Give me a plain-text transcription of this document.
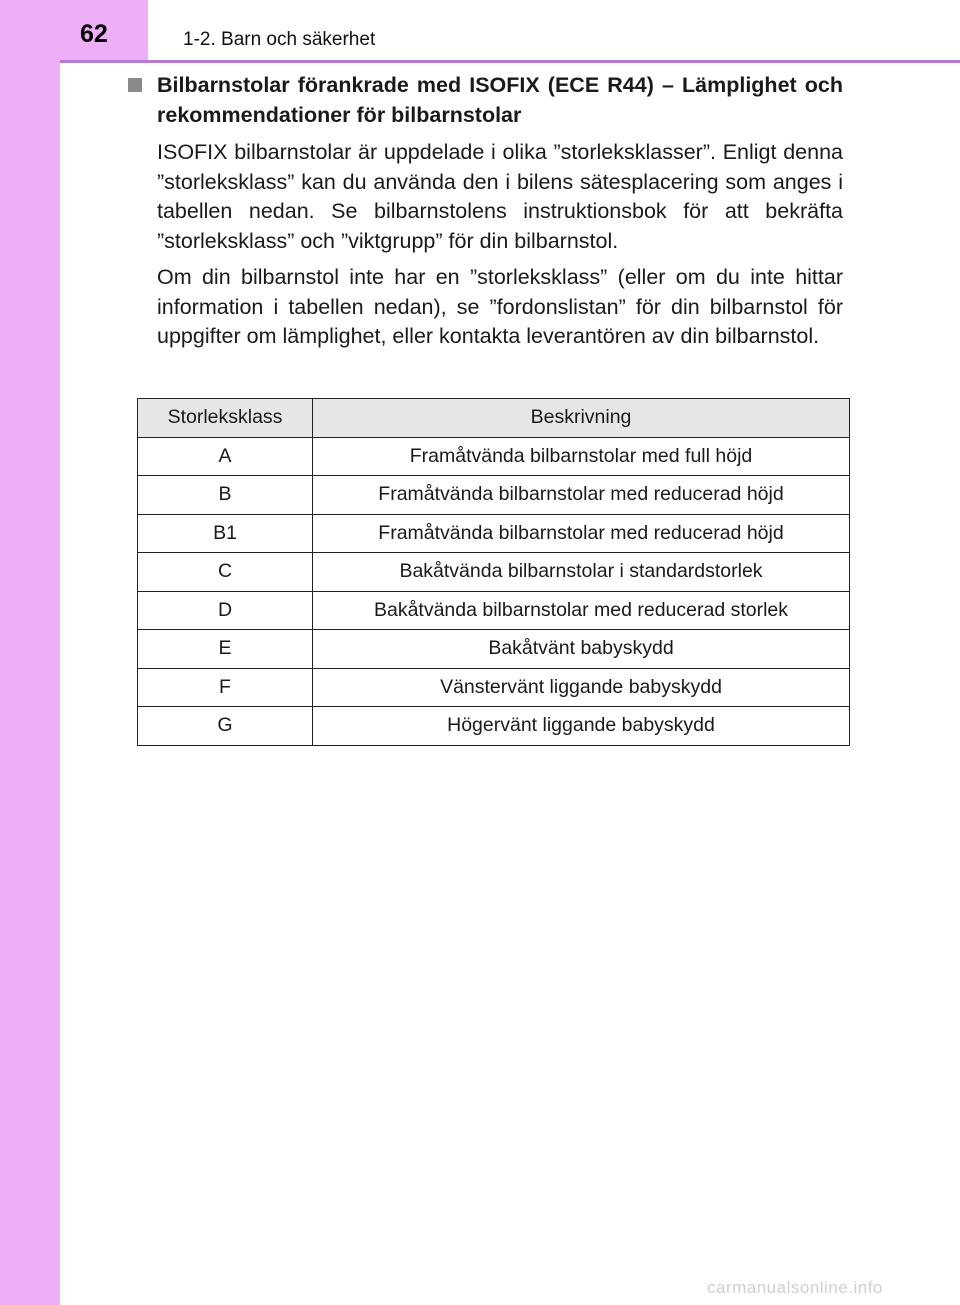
62	1-2. Barn och säkerhet
Bilbarnstolar förankrade med ISOFIX (ECE R44) – Lämplighet och rekommendationer för bilbarnstolar

ISOFIX bilbarnstolar är uppdelade i olika ”storleksklasser”. Enligt denna ”storleksklass” kan du använda den i bilens sätesplacering som anges i tabellen nedan. Se bilbarnstolens instruktionsbok för att bekräfta ”storleksklass” och ”viktgrupp” för din bilbarnstol.

Om din bilbarnstol inte har en ”storleksklass” (eller om du inte hittar information i tabellen nedan), se ”fordonslistan” för din bilbarnstol för uppgifter om lämplighet, eller kontakta leverantören av din bilbarnstol.

Storleksklass	Beskrivning
A	Framåtvända bilbarnstolar med full höjd
B	Framåtvända bilbarnstolar med reducerad höjd
B1	Framåtvända bilbarnstolar med reducerad höjd
C	Bakåtvända bilbarnstolar i standardstorlek
D	Bakåtvända bilbarnstolar med reducerad storlek
E	Bakåtvänt babyskydd
F	Vänstervänt liggande babyskydd
G	Högervänt liggande babyskydd
carmanualsonline.info
